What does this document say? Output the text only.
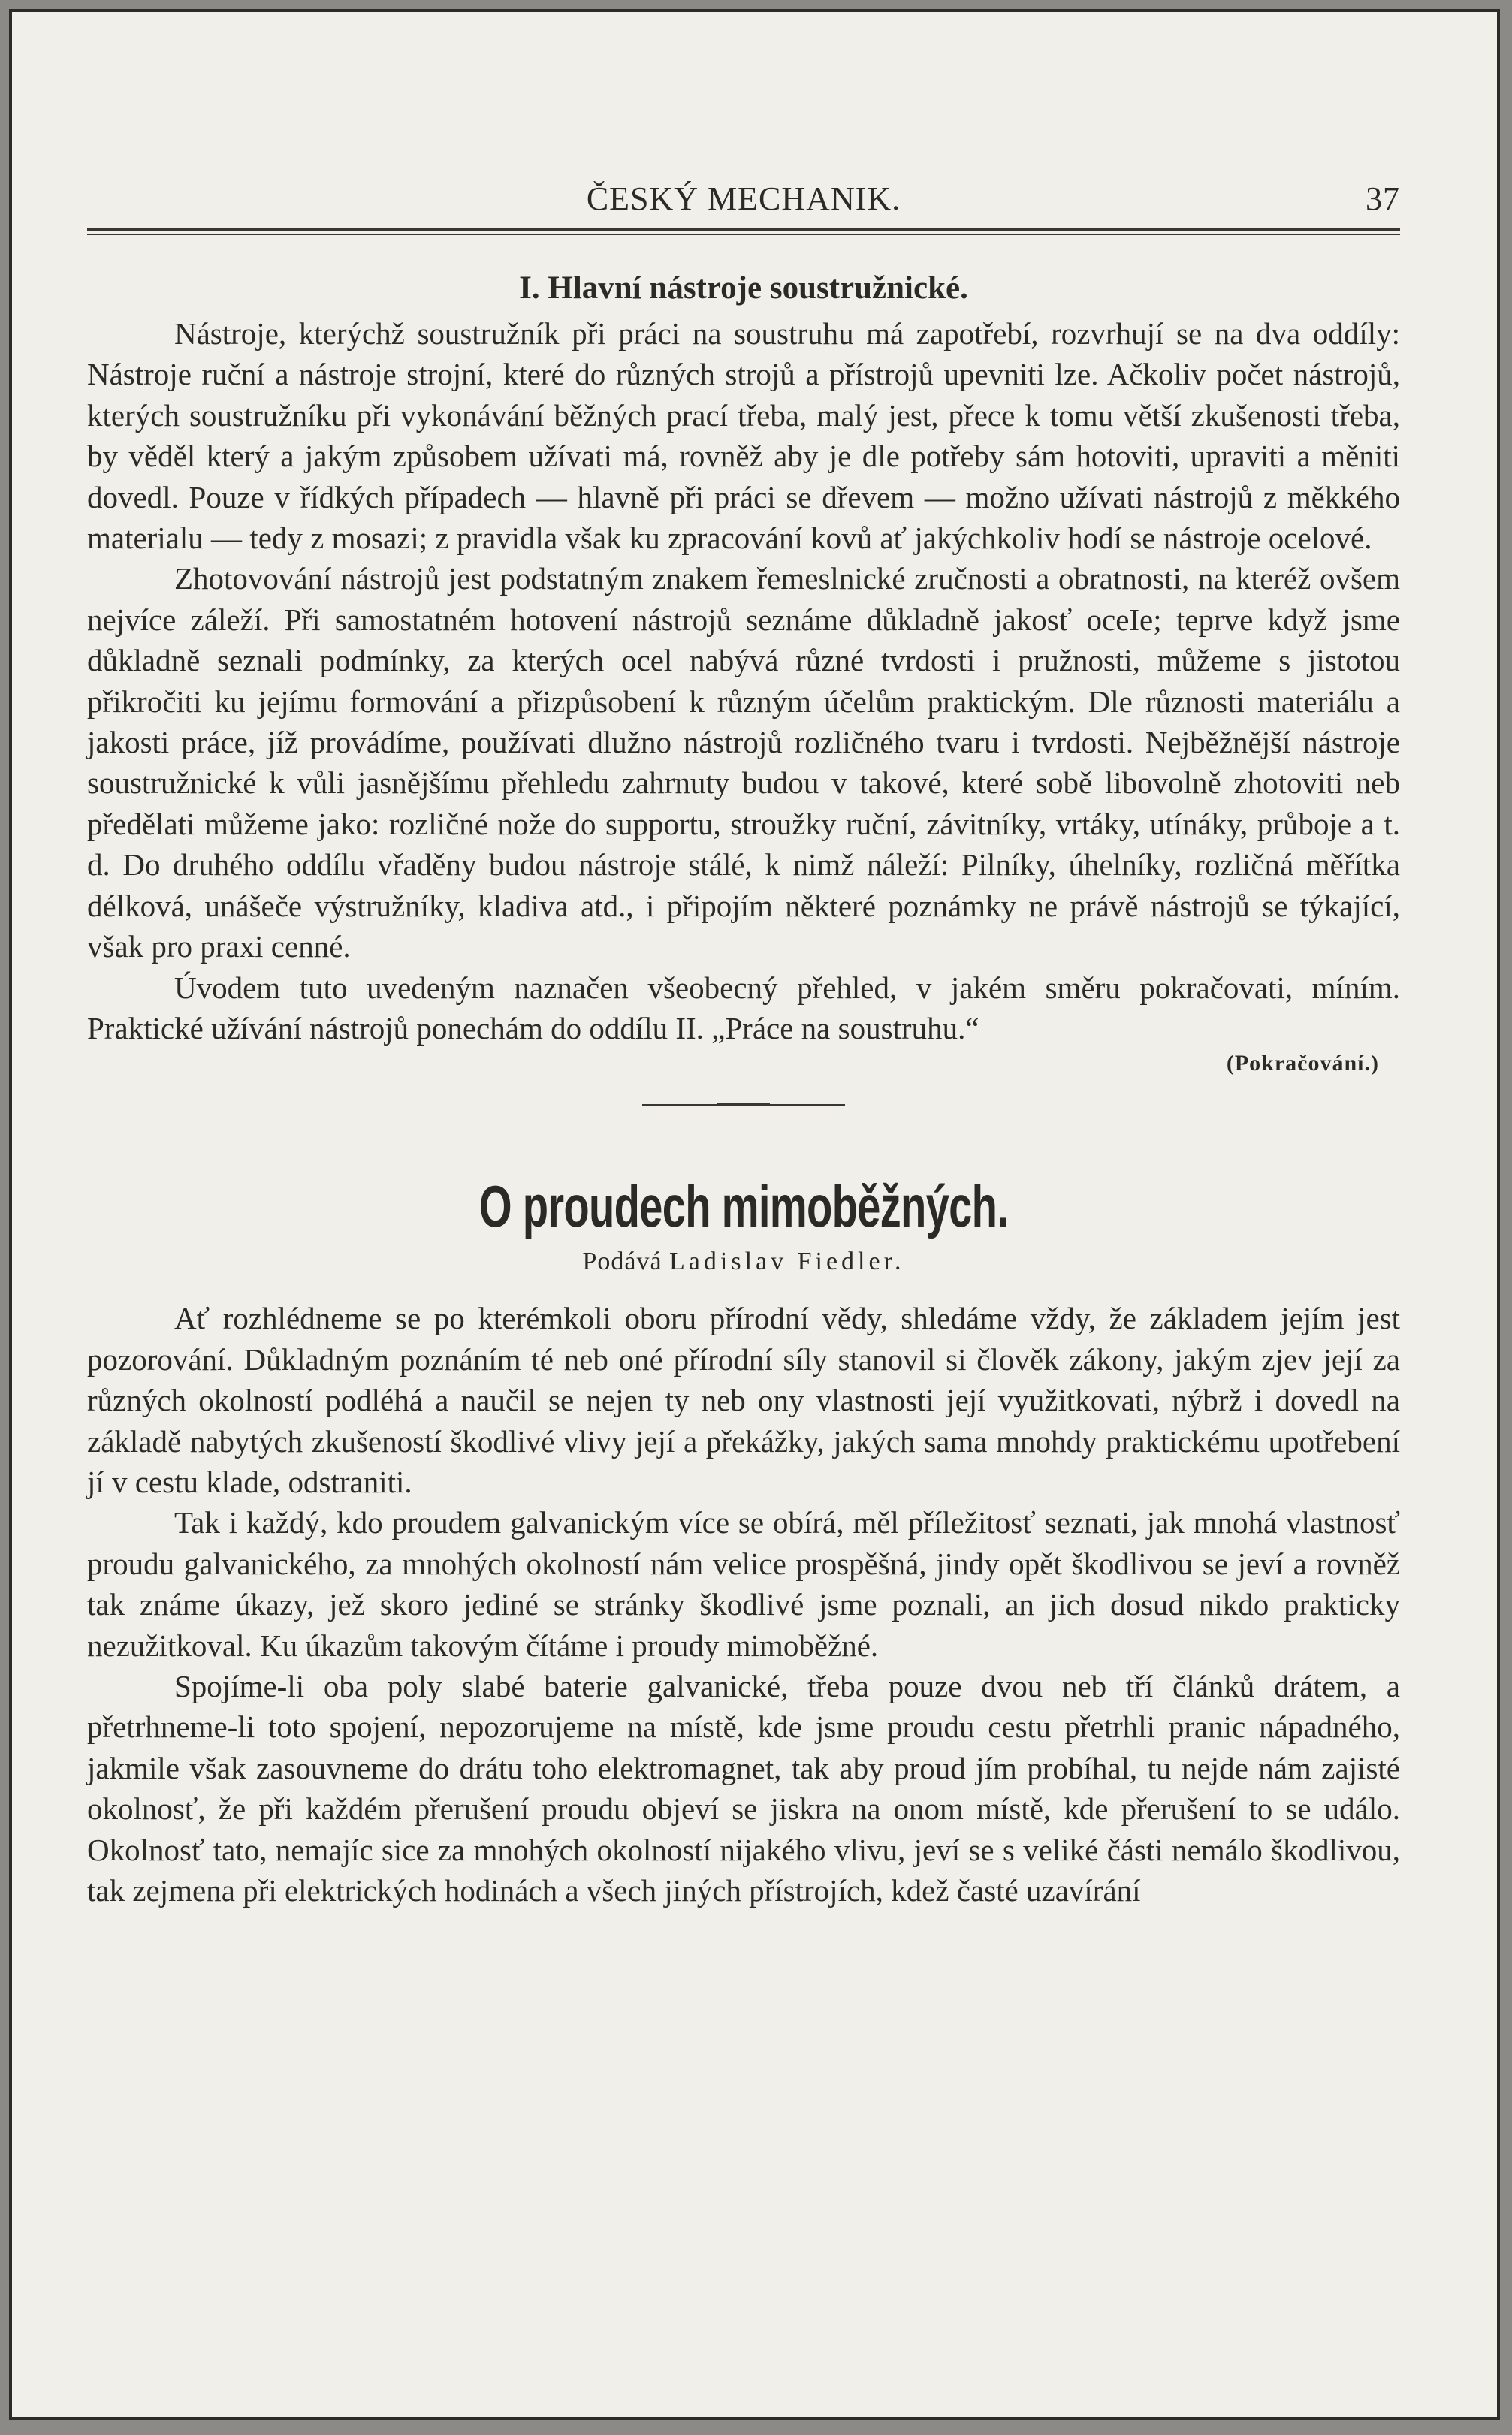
ČESKÝ MECHANIK.	37
I. Hlavní nástroje soustružnické.

Nástroje, kterýchž soustružník při práci na soustruhu má zapotřebí, rozvrhují se na dva oddíly: Nástroje ruční a nástroje strojní, které do různých strojů a přístrojů upevniti lze. Ačkoliv počet nástrojů, kterých soustružníku při vykonávání běžných prací třeba, malý jest, přece k tomu větší zkušenosti třeba, by věděl který a jakým způsobem užívati má, rovněž aby je dle potřeby sám hotoviti, upraviti a měniti dovedl. Pouze v řídkých případech — hlavně při práci se dřevem — možno užívati nástrojů z měkkého materialu — tedy z mosazi; z pravidla však ku zpracování kovů ať jakýchkoliv hodí se nástroje ocelové.

Zhotovování nástrojů jest podstatným znakem řemeslnické zručnosti a obratnosti, na kteréž ovšem nejvíce záleží. Při samostatném hotovení nástrojů seznáme důkladně jakosť oceIe; teprve když jsme důkladně seznali podmínky, za kterých ocel nabývá různé tvrdosti i pružnosti, můžeme s jistotou přikročiti ku jejímu formování a přizpůsobení k různým účelům praktickým. Dle různosti materiálu a jakosti práce, jíž provádíme, používati dlužno nástrojů rozličného tvaru i tvrdosti. Nejběžnější nástroje soustružnické k vůli jasnějšímu přehledu zahrnuty budou v takové, které sobě libovolně zhotoviti neb předělati můžeme jako: rozličné nože do supportu, stroužky ruční, závitníky, vrtáky, utínáky, průboje a t. d. Do druhého oddílu vřaděny budou nástroje stálé, k nimž náleží: Pilníky, úhelníky, rozličná měřítka délková, unášeče výstružníky, kladiva atd., i připojím některé poznámky ne právě nástrojů se týkající, však pro praxi cenné.

Úvodem tuto uvedeným naznačen všeobecný přehled, v jakém směru pokračovati, míním. Praktické užívání nástrojů ponechám do oddílu II. „Práce na soustruhu.“

(Pokračování.)
O proudech mimoběžných.
Podává Ladislav Fiedler.

Ať rozhlédneme se po kterémkoli oboru přírodní vědy, shledáme vždy, že základem jejím jest pozorování. Důkladným poznáním té neb oné přírodní síly stanovil si člověk zákony, jakým zjev její za různých okolností podléhá a naučil se nejen ty neb ony vlastnosti její využitkovati, nýbrž i dovedl na základě nabytých zkušeností škodlivé vlivy její a překážky, jakých sama mnohdy praktickému upotřebení jí v cestu klade, odstraniti.

Tak i každý, kdo proudem galvanickým více se obírá, měl příležitosť seznati, jak mnohá vlastnosť proudu galvanického, za mnohých okolností nám velice prospěšná, jindy opět škodlivou se jeví a rovněž tak známe úkazy, jež skoro jediné se stránky škodlivé jsme poznali, an jich dosud nikdo prakticky nezužitkoval. Ku úkazům takovým čítáme i proudy mimoběžné.

Spojíme-li oba poly slabé baterie galvanické, třeba pouze dvou neb tří článků drátem, a přetrhneme-li toto spojení, nepozorujeme na místě, kde jsme proudu cestu přetrhli pranic nápadného, jakmile však zasouvneme do drátu toho elektromagnet, tak aby proud jím probíhal, tu nejde nám zajisté okolnosť, že při každém přerušení proudu objeví se jiskra na onom místě, kde přerušení to se událo. Okolnosť tato, nemajíc sice za mnohých okolností nijakého vlivu, jeví se s veliké části nemálo škodlivou, tak zejmena při elektrických hodinách a všech jiných přístrojích, kdež časté uzavírání
